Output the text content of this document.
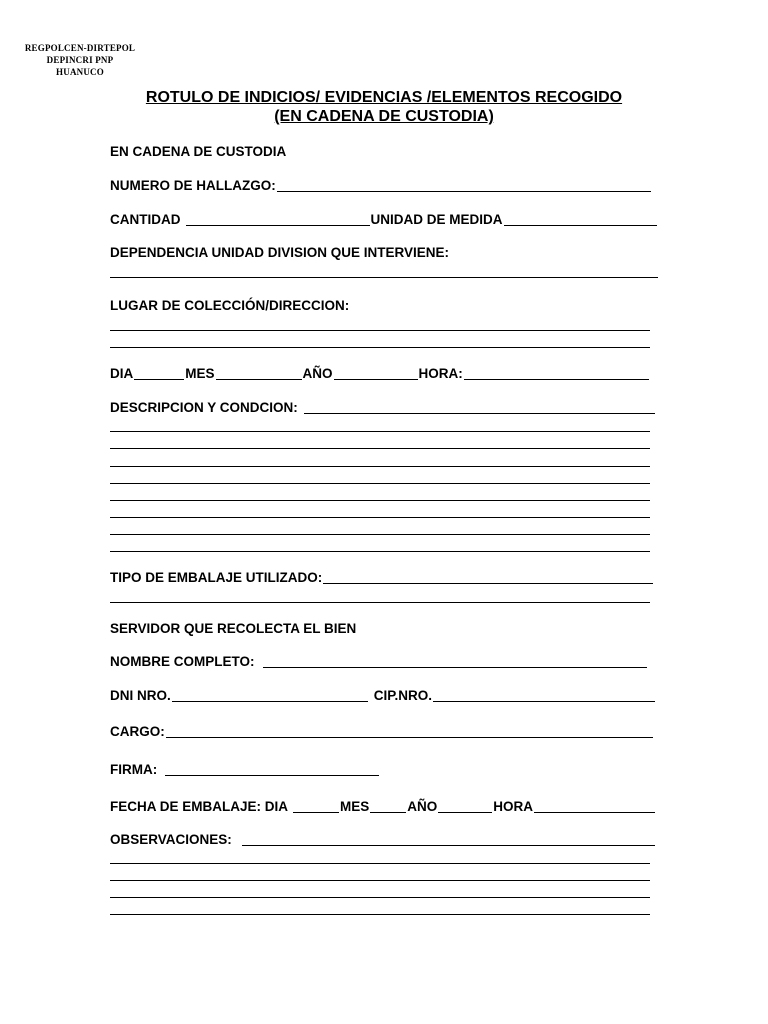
REGPOLCEN-DIRTEPOL
DEPINCRI PNP
HUANUCO
ROTULO DE INDICIOS/ EVIDENCIAS /ELEMENTOS RECOGIDO
(EN CADENA DE CUSTODIA)
EN CADENA DE CUSTODIA
NUMERO DE HALLAZGO:
CANTIDAD	UNIDAD DE MEDIDA
DEPENDENCIA UNIDAD DIVISION QUE INTERVIENE:
LUGAR DE COLECCIÓN/DIRECCION:
DIA	MES	AÑO	HORA:
DESCRIPCION Y CONDCION:
TIPO DE EMBALAJE UTILIZADO:
SERVIDOR QUE RECOLECTA EL BIEN
NOMBRE COMPLETO:
DNI NRO.	CIP.NRO.
CARGO:
FIRMA:
FECHA DE EMBALAJE: DIA	MES	AÑO	HORA
OBSERVACIONES:
